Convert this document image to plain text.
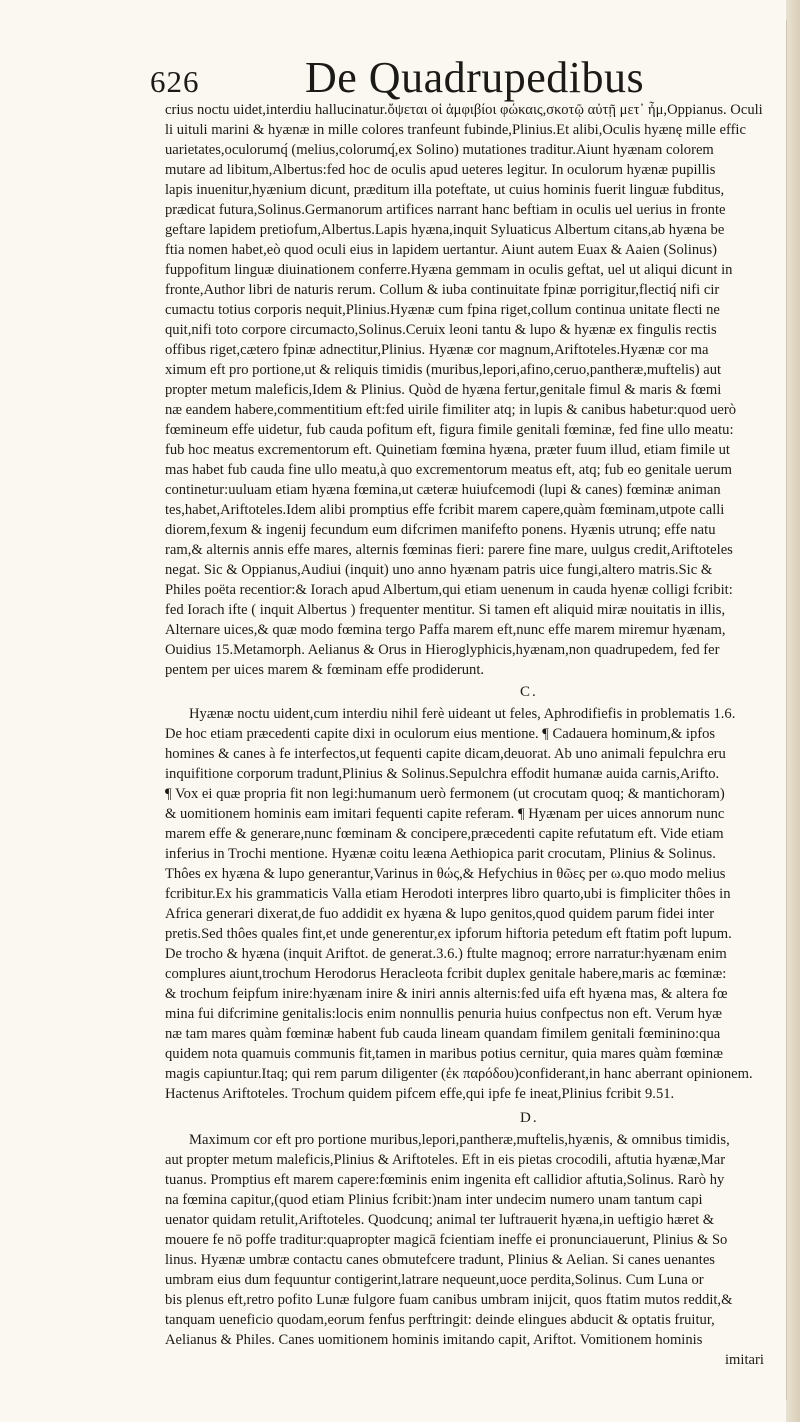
626 De Quadrupedibus
crius noctu uidet,interdiu hallucinatur.ὄψεται οἱ ἀμφιβίοι φώκαις,σκοτῷ αὐτῇ μετ᾽ ἦμ,Oppianus. Oculi
li uituli marini & hyænæ in mille colores tranfeunt fubinde,Plinius.Et alibi,Oculis hyænę mille effic
uarietates,oculorumq́ (melius,colorumq́,ex Solino) mutationes traditur.Aiunt hyænam colorem
mutare ad libitum,Albertus:fed hoc de oculis apud ueteres legitur. In oculorum hyænæ pupillis
lapis inuenitur,hyænium dicunt, præditum illa poteftate, ut cuius hominis fuerit linguæ fubditus,
prædicat futura,Solinus.Germanorum artifices narrant hanc beftiam in oculis uel uerius in fronte
geftare lapidem pretiofum,Albertus.Lapis hyæna,inquit Syluaticus Albertum citans,ab hyæna be
ftia nomen habet,eò quod oculi eius in lapidem uertantur. Aiunt autem Euax & Aaien (Solinus)
fuppofitum linguæ diuinationem conferre.Hyæna gemmam in oculis geftat, uel ut aliqui dicunt in
fronte,Author libri de naturis rerum. Collum & iuba continuitate fpinæ porrigitur,flectiq́ nifi cir
cumactu totius corporis nequit,Plinius.Hyænæ cum fpina riget,collum continua unitate flecti ne
quit,nifi toto corpore circumacto,Solinus.Ceruix leoni tantu & lupo & hyænæ ex fingulis rectis
offibus riget,cætero fpinæ adnectitur,Plinius. Hyænæ cor magnum,Ariftoteles.Hyænæ cor ma
ximum eft pro portione,ut & reliquis timidis (muribus,lepori,afino,ceruo,pantheræ,muftelis) aut
propter metum maleficis,Idem & Plinius. Quòd de hyæna fertur,genitale fimul & maris & fœmi
næ eandem habere,commentitium eft:fed uirile fimiliter atq; in lupis & canibus habetur:quod uerò
fœmineum effe uidetur, fub cauda pofitum eft, figura fimile genitali fœminæ, fed fine ullo meatu:
fub hoc meatus excrementorum eft. Quinetiam fœmina hyæna, præter fuum illud, etiam fimile ut
mas habet fub cauda fine ullo meatu,à quo excrementorum meatus eft, atq; fub eo genitale uerum
continetur:uuluam etiam hyæna fœmina,ut cæteræ huiufcemodi (lupi & canes) fœminæ animan
tes,habet,Ariftoteles.Idem alibi promptius effe fcribit marem capere,quàm fœminam,utpote calli
diorem,fexum & ingenij fecundum eum difcrimen manifefto ponens. Hyænis utrunq; effe natu
ram,& alternis annis effe mares, alternis fœminas fieri: parere fine mare, uulgus credit,Ariftoteles
negat. Sic & Oppianus,Audiui (inquit) uno anno hyænam patris uice fungi,altero matris.Sic &
Philes poëta recentior:& Iorach apud Albertum,qui etiam uenenum in cauda hyenæ colligi fcribit:
fed Iorach ifte ( inquit Albertus ) frequenter mentitur. Si tamen eft aliquid miræ nouitatis in illis,
Alternare uices,& quæ modo fœmina tergo Paffa marem eft,nunc effe marem miremur hyænam,
Ouidius 15.Metamorph. Aelianus & Orus in Hieroglyphicis,hyænam,non quadrupedem, fed fer
pentem per uices marem & fœminam effe prodiderunt.
C.
Hyænæ noctu uident,cum interdiu nihil ferè uideant ut feles, Aphrodifiefis in problematis 1.6.
De hoc etiam præcedenti capite dixi in oculorum eius mentione. ¶ Cadauera hominum,& ipfos
homines & canes à fe interfectos,ut fequenti capite dicam,deuorat. Ab uno animali fepulchra eru
inquifitione corporum tradunt,Plinius & Solinus.Sepulchra effodit humanæ auida carnis,Arifto.
¶ Vox ei quæ propria fit non legi:humanum uerò fermonem (ut crocutam quoq; & mantichoram)
& uomitionem hominis eam imitari fequenti capite referam. ¶ Hyænam per uices annorum nunc
marem effe & generare,nunc fœminam & concipere,præcedenti capite refutatum eft. Vide etiam
inferius in Trochi mentione. Hyænæ coitu leæna Aethiopica parit crocutam, Plinius & Solinus.
Thôes ex hyæna & lupo generantur,Varinus in θώς,& Hefychius in θῶες per ω.quo modo melius
fcribitur.Ex his grammaticis Valla etiam Herodoti interpres libro quarto,ubi is fimpliciter thôes in
Africa generari dixerat,de fuo addidit ex hyæna & lupo genitos,quod quidem parum fidei inter
pretis.Sed thôes quales fint,et unde generentur,ex ipforum hiftoria petedum eft ftatim poft lupum.
De trocho & hyæna (inquit Ariftot. de generat.3.6.) ftulte magnoq; errore narratur:hyænam enim
complures aiunt,trochum Herodorus Heracleota fcribit duplex genitale habere,maris ac fœminæ:
& trochum feipfum inire:hyænam inire & iniri annis alternis:fed uifa eft hyæna mas, & altera fœ
mina fui difcrimine genitalis:locis enim nonnullis penuria huius confpectus non eft. Verum hyæ
næ tam mares quàm fœminæ habent fub cauda lineam quandam fimilem genitali fœminino:qua
quidem nota quamuis communis fit,tamen in maribus potius cernitur, quia mares quàm fœminæ
magis capiuntur.Itaq; qui rem parum diligenter (ἐκ παρόδου)confiderant,in hanc aberrant opinionem.
Hactenus Ariftoteles. Trochum quidem pifcem effe,qui ipfe fe ineat,Plinius fcribit 9.51.
D.
Maximum cor eft pro portione muribus,lepori,pantheræ,muftelis,hyænis, & omnibus timidis,
aut propter metum maleficis,Plinius & Ariftoteles. Eft in eis pietas crocodili, aftutia hyænæ,Mar
tuanus. Promptius eft marem capere:fœminis enim ingenita eft callidior aftutia,Solinus. Rarò hy
na fœmina capitur,(quod etiam Plinius fcribit:)nam inter undecim numero unam tantum capi
uenator quidam retulit,Ariftoteles. Quodcunq; animal ter luftrauerit hyæna,in ueftigio hæret &
mouere fe nō poffe traditur:quapropter magicā fcientiam ineffe ei pronunciauerunt, Plinius & So
linus. Hyænæ umbræ contactu canes obmutefcere tradunt, Plinius & Aelian. Si canes uenantes
umbram eius dum fequuntur contigerint,latrare nequeunt,uoce perdita,Solinus. Cum Luna or
bis plenus eft,retro pofito Lunæ fulgore fuam canibus umbram inijcit, quos ftatim mutos reddit,&
tanquam ueneficio quodam,eorum fenfus perftringit: deinde elingues abducit & optatis fruitur,
Aelianus & Philes. Canes uomitionem hominis imitando capit, Ariftot. Vomitionem hominis
imitari
